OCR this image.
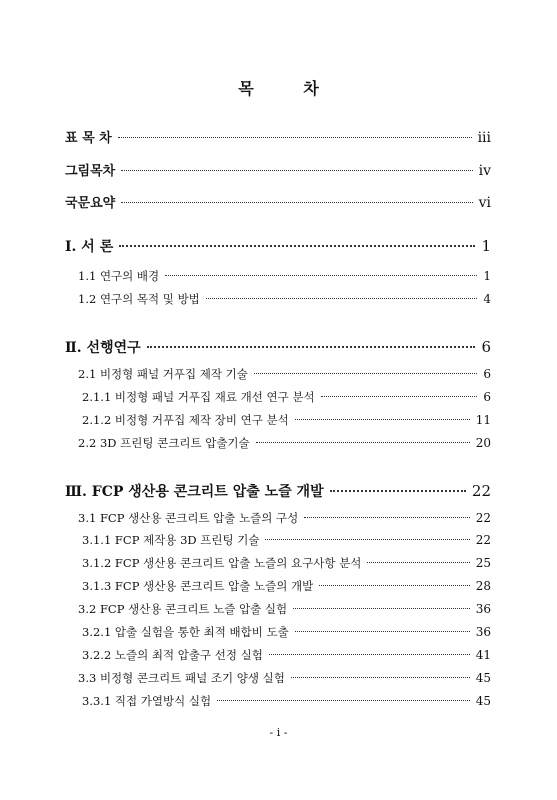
목 차
표 목 차	iii
그림목차	iv
국문요약	vi
Ⅰ. 서 론	1
1.1 연구의 배경	1
1.2 연구의 목적 및 방법	4
Ⅱ. 선행연구	6
2.1 비정형 패널 거푸집 제작 기술	6
2.1.1 비정형 패널 거푸집 재료 개선 연구 분석	6
2.1.2 비정형 거푸집 제작 장비 연구 분석	11
2.2 3D 프린팅 콘크리트 압출기술	20
Ⅲ. FCP 생산용 콘크리트 압출 노즐 개발	22
3.1 FCP 생산용 콘크리트 압출 노즐의 구성	22
3.1.1 FCP 제작용 3D 프린팅 기술	22
3.1.2 FCP 생산용 콘크리트 압출 노즐의 요구사항 분석	25
3.1.3 FCP 생산용 콘크리트 압출 노즐의 개발	28
3.2 FCP 생산용 콘크리트 노즐 압출 실험	36
3.2.1 압출 실험을 통한 최적 배합비 도출	36
3.2.2 노즐의 최적 압출구 선정 실험	41
3.3 비정형 콘크리트 패널 조기 양생 실험	45
3.3.1 직접 가열방식 실험	45
- i -
